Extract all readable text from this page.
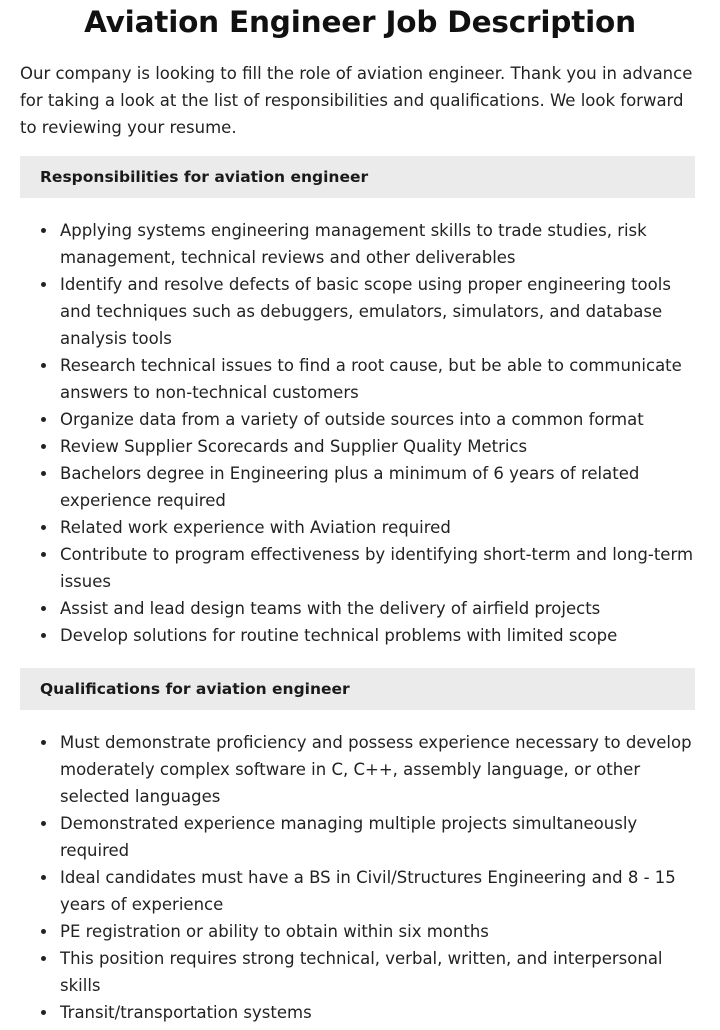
Aviation Engineer Job Description

Our company is looking to fill the role of aviation engineer. Thank you in advance for taking a look at the list of responsibilities and qualifications. We look forward to reviewing your resume.

Responsibilities for aviation engineer
Applying systems engineering management skills to trade studies, risk management, technical reviews and other deliverables
Identify and resolve defects of basic scope using proper engineering tools and techniques such as debuggers, emulators, simulators, and database analysis tools
Research technical issues to find a root cause, but be able to communicate answers to non-technical customers
Organize data from a variety of outside sources into a common format
Review Supplier Scorecards and Supplier Quality Metrics
Bachelors degree in Engineering plus a minimum of 6 years of related experience required
Related work experience with Aviation required
Contribute to program effectiveness by identifying short-term and long-term issues
Assist and lead design teams with the delivery of airfield projects
Develop solutions for routine technical problems with limited scope
Qualifications for aviation engineer
Must demonstrate proficiency and possess experience necessary to develop moderately complex software in C, C++, assembly language, or other selected languages
Demonstrated experience managing multiple projects simultaneously required
Ideal candidates must have a BS in Civil/Structures Engineering and 8 - 15 years of experience
PE registration or ability to obtain within six months
This position requires strong technical, verbal, written, and interpersonal skills
Transit/transportation systems
